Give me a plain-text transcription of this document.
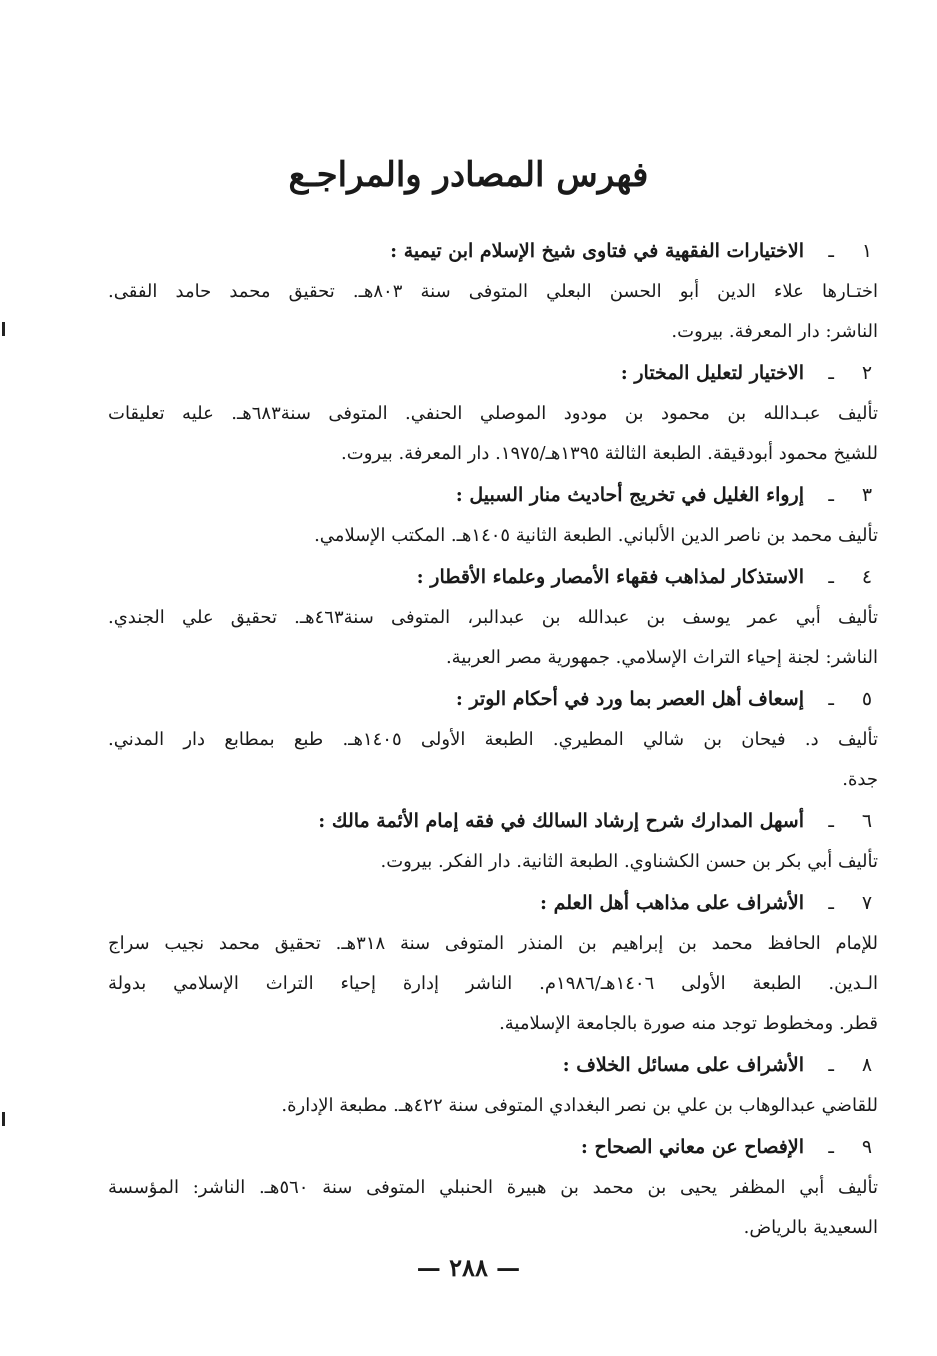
فهرس المصادر والمراجـع
١
ـ
الاختيارات الفقهية في فتاوى شيخ الإسلام ابن تيمية :
اختـارها علاء الدين أبو الحسن البعلي المتوفى سنة ٨٠٣هـ. تحقيق محمد حامد الفقى.
الناشر: دار المعرفة. بيروت.
٢
ـ
الاختيار لتعليل المختار :
تأليف عبـدالله بن محمود بن مودود الموصلي الحنفي. المتوفى سنة٦٨٣هـ. عليه تعليقات
للشيخ محمود أبودقيقة. الطبعة الثالثة ١٣٩٥هـ/١٩٧٥. دار المعرفة. بيروت.
٣
ـ
إرواء الغليل في تخريج أحاديث منار السبيل :
تأليف محمد بن ناصر الدين الألباني. الطبعة الثانية ١٤٠٥هـ. المكتب الإسلامي.
٤
ـ
الاستذكار لمذاهب فقهاء الأمصار وعلماء الأقطار :
تأليف أبي عمر يوسف بن عبدالله بن عبدالبر، المتوفى سنة٤٦٣هـ. تحقيق علي الجندي.
الناشر: لجنة إحياء التراث الإسلامي. جمهورية مصر العربية.
٥
ـ
إسعاف أهل العصر بما ورد في أحكام الوتر :
تأليف د. فيحان بن شالي المطيري. الطبعة الأولى ١٤٠٥هـ. طبع بمطابع دار المدني.
جدة.
٦
ـ
أسهل المدارك شرح إرشاد السالك في فقه إمام الأئمة مالك :
تأليف أبي بكر بن حسن الكشناوي. الطبعة الثانية. دار الفكر. بيروت.
٧
ـ
الأشراف على مذاهب أهل العلم :
للإمام الحافظ محمد بن إبراهيم بن المنذر المتوفى سنة ٣١٨هـ. تحقيق محمد نجيب سراج
الـدين. الطبعة الأولى ١٤٠٦هـ/١٩٨٦م. الناشر إدارة إحياء التراث الإسلامي بدولة
قطر. ومخطوط توجد منه صورة بالجامعة الإسلامية.
٨
ـ
الأشراف على مسائل الخلاف :
للقاضي عبدالوهاب بن علي بن نصر البغدادي المتوفى سنة ٤٢٢هـ. مطبعة الإدارة.
٩
ـ
الإفصاح عن معاني الصحاح :
تأليف أبي المظفر يحيى بن محمد بن هبيرة الحنبلي المتوفى سنة ٥٦٠هـ. الناشر: المؤسسة
السعيدية بالرياض.
— ٢٨٨ —
